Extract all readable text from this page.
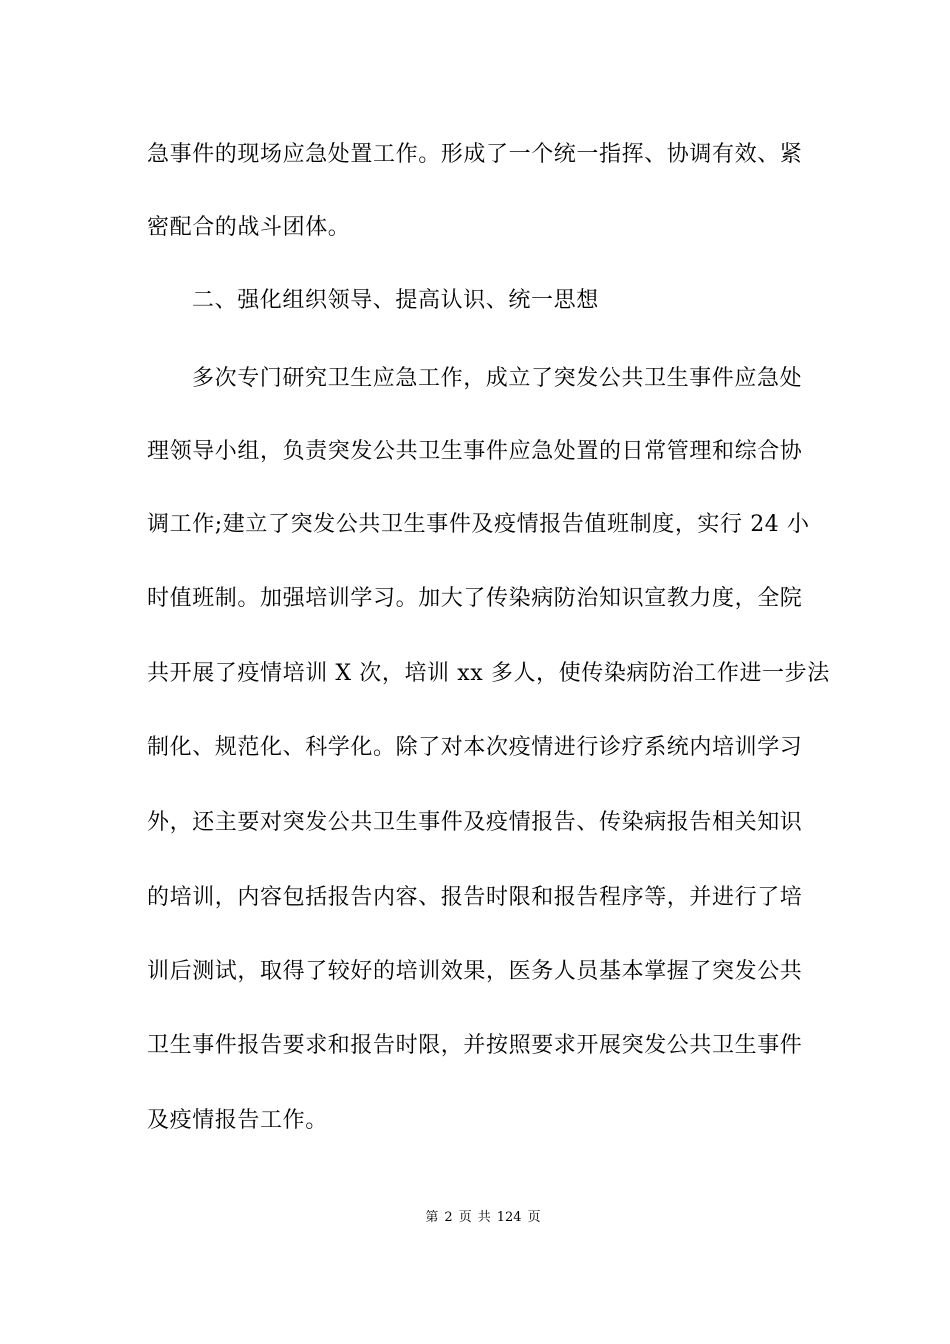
急事件的现场应急处置工作。形成了一个统一指挥、协调有效、紧
密配合的战斗团体。
二、强化组织领导、提高认识、统一思想
多次专门研究卫生应急工作，成立了突发公共卫生事件应急处
理领导小组，负责突发公共卫生事件应急处置的日常管理和综合协
调工作;建立了突发公共卫生事件及疫情报告值班制度，实行 24 小
时值班制。加强培训学习。加大了传染病防治知识宣教力度，全院
共开展了疫情培训 X 次，培训 xx 多人，使传染病防治工作进一步法
制化、规范化、科学化。除了对本次疫情进行诊疗系统内培训学习
外，还主要对突发公共卫生事件及疫情报告、传染病报告相关知识
的培训，内容包括报告内容、报告时限和报告程序等，并进行了培
训后测试，取得了较好的培训效果，医务人员基本掌握了突发公共
卫生事件报告要求和报告时限，并按照要求开展突发公共卫生事件
及疫情报告工作。
第 2 页 共 124 页
